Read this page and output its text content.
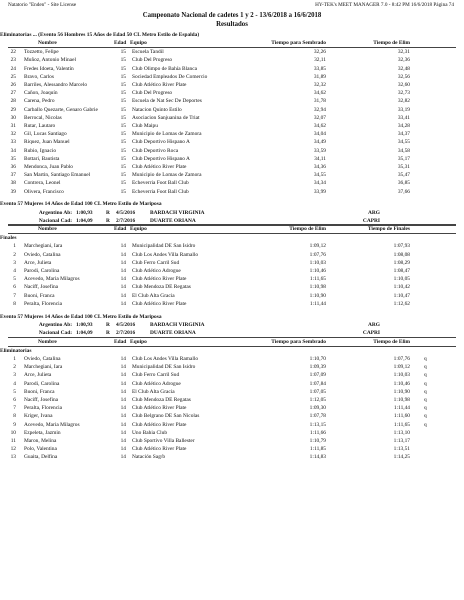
Natatorio "Enden" - Site License	HY-TEK's MEET MANAGER 7.0 - 8:42 PM 16/6/2018 Página 74
Campeonato Nacional de cadetes 1 y 2 - 13/6/2018 a 16/6/2018
Resultados
Eliminatorias ... (Evento 56 Hombres 15 Años de Edad 50 CL Metro Estilo de Espalda)
Nombre	Edad Equipo	Tiempo para Sembrado	Tiempo de Elim
22 Tozzetto, Felipe	15 Escuela Tandil	32,26	32,31
23 Muñoz, Antonio Minael	15 Club Del Progreso	32,11	32,36
24 Fredes Idoeta, Valentín	15 Club Olimpo de Bahía Blanca	33,85	32,48
25 Bravo, Carlos	15 Sociedad Empleados De Comercio	31,89	32,56
26 Barriles, Alessandro Marcelo	15 Club Atlético River Plate	32,32	32,60
27 Cañon, Joaquín	15 Club Del Progreso	34,62	32,73
28 Carena, Pedro	15 Escuela de Nat Sec De Deportes	31,78	32,82
29 Carballo Quezarte, Genaro Gabrie	15 Natacion Quinto Estilo	32,94	33,19
30 Berrocal, Nicolas	15 Asociacion Sanjuanina de Triat	32,07	33,41
31 Rutar, Lautaro	15 Club Maipu	34,62	34,28
32 Gil, Lucas Santiago	15 Municipio de Lomas de Zamora	34,04	34,37
33 Riquez, Juan Manuel	15 Club Deportivo Hispano A	34,49	34,55
34 Rubio, Ignacio	15 Club Deportivo Roca	33,59	34,58
35 Bottari, Bautista	15 Club Deportivo Hispano A	34,11	35,17
36 Mendonca, Juan Pablo	15 Club Atlético River Plate	34,36	35,31
37 San Martin, Santiago Emanuel	15 Municipio de Lomas de Zamora	34,55	35,47
38 Contrera, Leonel	15 Echeverria Foot Ball Club	34,34	36,85
39 Olivera, Francisco	15 Echeverria Foot Ball Club	33,99	37,66
Evento 57 Mujeres 14 Años de Edad 100 CL Metro Estilo de Mariposa
Argentino Ab: 1:00,93 R 4/5/2016	BARDACH VIRGINIA	ARG
Nacional Cad: 1:04,09 R 2/7/2016	DUARTE ORIANA	CAPRI
Nombre	Edad Equipo	Tiempo de Elim	Tiempo de Finales
Finales
1 Marchegiani, Iara	14 Municipalidad DE San Isidro	1:09,12	1:07,93
2 Oviedo, Catalina	14 Club Los Andes Villa Ramallo	1:07,76	1:08,08
3 Arce, Julieta	14 Club Ferro Carril Sud	1:10,03	1:08,29
4 Parodi, Carolina	14 Club Atlético Adrogue	1:10,46	1:08,47
5 Acevedo, Maria Milagros	14 Club Atlético River Plate	1:11,65	1:10,05
6 Naciff, Josefina	14 Club Mendoza DE Regatas	1:10,98	1:10,42
7 Buoni, Franca	14 El Club Alta Gracia	1:10,90	1:10,47
8 Peralta, Florencia	14 Club Atlético River Plate	1:11,44	1:12,62
Evento 57 Mujeres 14 Años de Edad 100 CL Metro Estilo de Mariposa
Argentino Ab: 1:00,93 R 4/5/2016	BARDACH VIRGINIA	ARG
Nacional Cad: 1:04,09 R 2/7/2016	DUARTE ORIANA	CAPRI
Nombre	Edad Equipo	Tiempo para Sembrado	Tiempo de Elim
Eliminatorias
1 Oviedo, Catalina	14 Club Los Andes Villa Ramallo	1:10,70	1:07,76	q
2 Marchegiani, Iara	14 Municipalidad DE San Isidro	1:09,39	1:09,12	q
3 Arce, Julieta	14 Club Ferro Carril Sud	1:07,09	1:10,03	q
4 Parodi, Carolina	14 Club Atlético Adrogue	1:07,84	1:10,46	q
5 Buoni, Franca	14 El Club Alta Gracia	1:07,05	1:10,90	q
6 Naciff, Josefina	14 Club Mendoza DE Regatas	1:12,05	1:10,98	q
7 Peralta, Florencia	14 Club Atlético River Plate	1:09,30	1:11,44	q
8 Kriger, Ivana	14 Club Belgrano DE San Nicolas	1:07,78	1:11,60	q
9 Acevedo, Maria Milagros	14 Club Atlético River Plate	1:13,15	1:11,65	q
10 Ezpeleta, Jazmin	14 Uno Bahia Club	1:11,66	1:13,10
11 Maron, Melina	14 Club Sportivo Villa Ballester	1:10,79	1:13,17
12 Polo, Valentina	14 Club Atlético River Plate	1:11,85	1:13,51
13 Guaita, Delfina	14 Natación Sag/b	1:14,83	1:14,25
